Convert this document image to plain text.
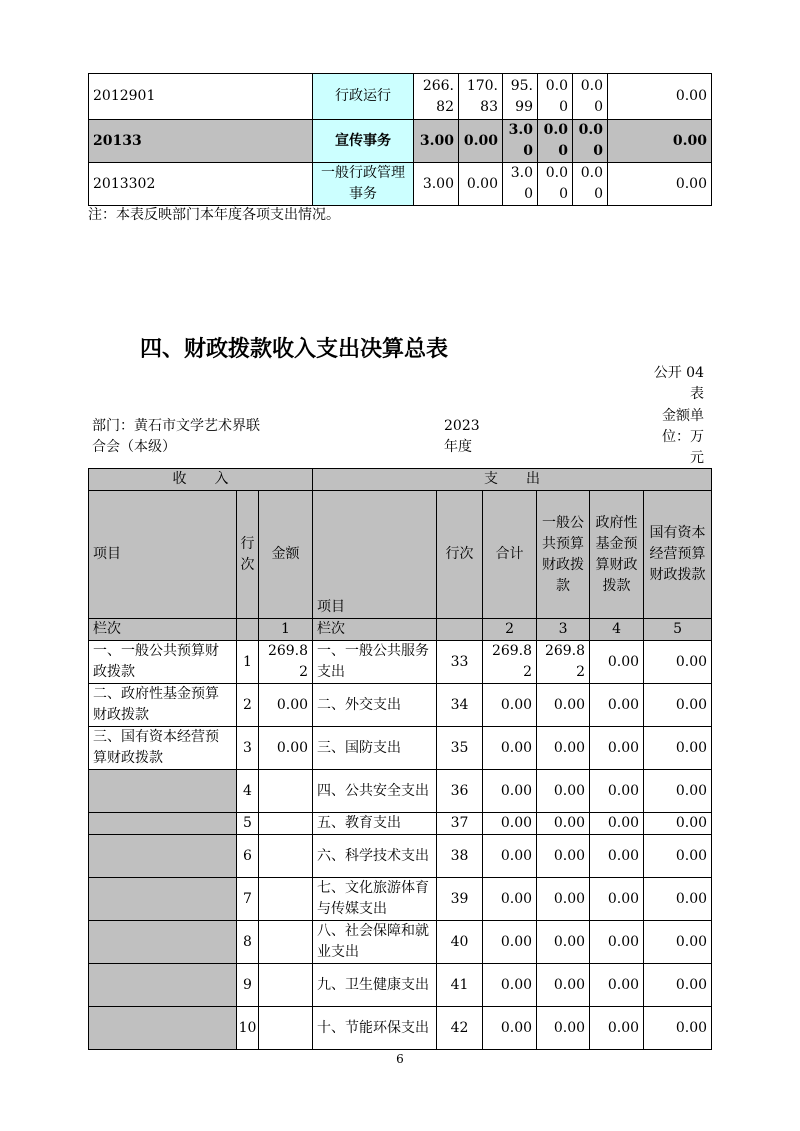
2012901	行政运行	266.82	170.83	95.99	0.00	0.00	0.00
20133	宣传事务	3.00	0.00	3.00	0.00	0.00	0.00
2013302	一般行政管理事务	3.00	0.00	3.00	0.00	0.00	0.00
注：本表反映部门本年度各项支出情况。
四、财政拨款收入支出决算总表
公开 04 表
部门：黄石市文学艺术界联合会（本级）
2023 年度
金额单位：万元
收　　入			支　　出					
项目	行次	金额	项目	行次	合计	一般公共预算财政拨款	政府性基金预算财政拨款	国有资本经营预算财政拨款
栏次		1	栏次		2	3	4	5
一、一般公共预算财政拨款	1	269.82	一、一般公共服务支出	33	269.82	269.82	0.00	0.00
二、政府性基金预算财政拨款	2	0.00	二、外交支出	34	0.00	0.00	0.00	0.00
三、国有资本经营预算财政拨款	3	0.00	三、国防支出	35	0.00	0.00	0.00	0.00
	4		四、公共安全支出	36	0.00	0.00	0.00	0.00
	5		五、教育支出	37	0.00	0.00	0.00	0.00
	6		六、科学技术支出	38	0.00	0.00	0.00	0.00
	7		七、文化旅游体育与传媒支出	39	0.00	0.00	0.00	0.00
	8		八、社会保障和就业支出	40	0.00	0.00	0.00	0.00
	9		九、卫生健康支出	41	0.00	0.00	0.00	0.00
	10		十、节能环保支出	42	0.00	0.00	0.00	0.00
6
